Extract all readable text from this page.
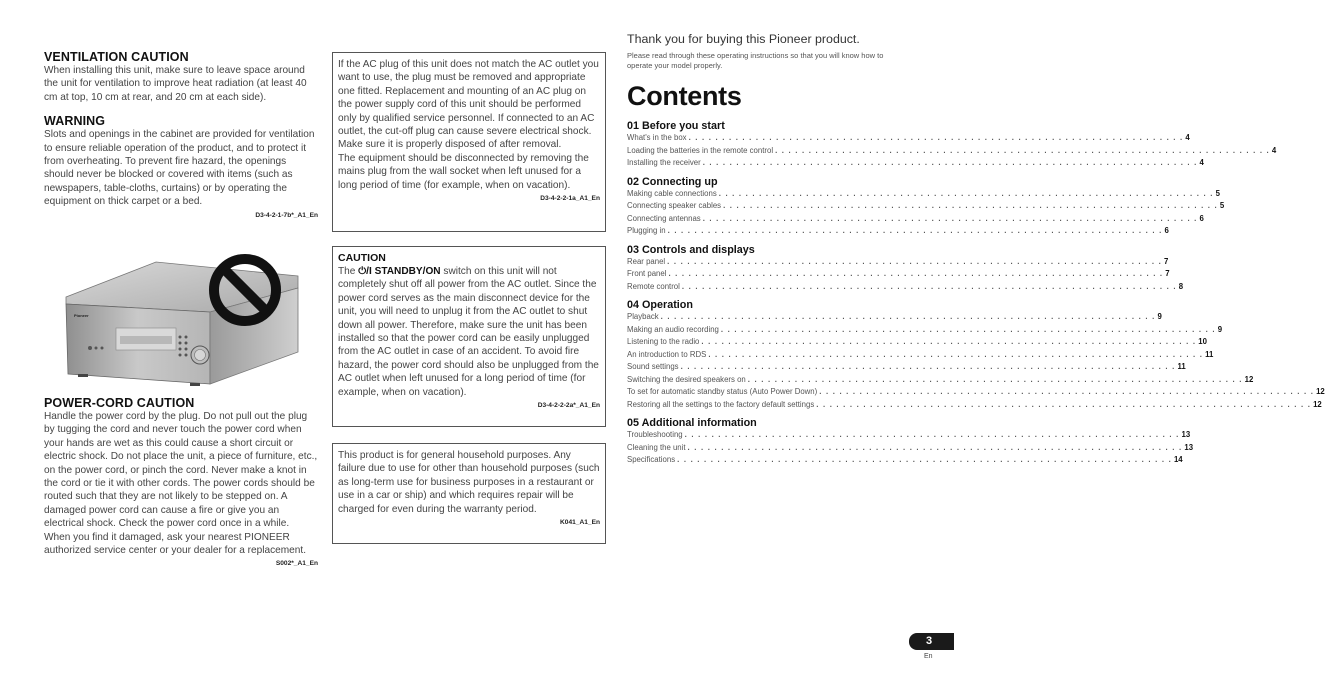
VENTILATION CAUTION
When installing this unit, make sure to leave space around the unit for ventilation to improve heat radiation (at least 40 cm at top, 10 cm at rear, and 20 cm at each side).
WARNING
Slots and openings in the cabinet are provided for ventilation to ensure reliable operation of the product, and to protect it from overheating. To prevent fire hazard, the openings should never be blocked or covered with items (such as newspapers, table-cloths, curtains) or by operating the equipment on thick carpet or a bed.
D3-4-2-1-7b*_A1_En
Pioneer
POWER-CORD CAUTION
Handle the power cord by the plug. Do not pull out the plug by tugging the cord and never touch the power cord when your hands are wet as this could cause a short circuit or electric shock. Do not place the unit, a piece of furniture, etc., on the power cord, or pinch the cord. Never make a knot in the cord or tie it with other cords. The power cords should be routed such that they are not likely to be stepped on. A damaged power cord can cause a fire or give you an electrical shock. Check the power cord once in a while. When you find it damaged, ask your nearest PIONEER authorized service center or your dealer for a replacement.
S002*_A1_En
If the AC plug of this unit does not match the AC outlet you want to use, the plug must be removed and appropriate one fitted. Replacement and mounting of an AC plug on the power supply cord of this unit should be performed only by qualified service personnel. If connected to an AC outlet, the cut-off plug can cause severe electrical shock. Make sure it is properly disposed of after removal.
The equipment should be disconnected by removing the mains plug from the wall socket when left unused for a long period of time (for example, when on vacation).
D3-4-2-2-1a_A1_En
CAUTION
The ⏻/I STANDBY/ON switch on this unit will not completely shut off all power from the AC outlet. Since the power cord serves as the main disconnect device for the unit, you will need to unplug it from the AC outlet to shut down all power. Therefore, make sure the unit has been installed so that the power cord can be easily unplugged from the AC outlet in case of an accident. To avoid fire hazard, the power cord should also be unplugged from the AC outlet when left unused for a long period of time (for example, when on vacation).
D3-4-2-2-2a*_A1_En
This product is for general household purposes. Any failure due to use for other than household purposes (such as long-term use for business purposes in a restaurant or use in a car or ship) and which requires repair will be charged for even during the warranty period.
K041_A1_En
Thank you for buying this Pioneer product.
Please read through these operating instructions so that you will know how to operate your model properly.
Contents
01 Before you start
What's in the box . . . . . . . . . . . . . . . . . . . . . . . . . . . . . . . . . . . . . . . . . . . . . . . . . . . . . . . . . . . . . . . . . . . . . . . . . . 4
Loading the batteries in the remote control . . . . . . . . . . . . . . . . . . . . . . . . . . . . . . . . . . . . . . . . . . . . . . . . . . . . . . . . . . . . . . . . . . . . . . . . . . 4
Installing the receiver . . . . . . . . . . . . . . . . . . . . . . . . . . . . . . . . . . . . . . . . . . . . . . . . . . . . . . . . . . . . . . . . . . . . . . . . . . 4
02 Connecting up
Making cable connections . . . . . . . . . . . . . . . . . . . . . . . . . . . . . . . . . . . . . . . . . . . . . . . . . . . . . . . . . . . . . . . . . . . . . . . . . . 5
Connecting speaker cables . . . . . . . . . . . . . . . . . . . . . . . . . . . . . . . . . . . . . . . . . . . . . . . . . . . . . . . . . . . . . . . . . . . . . . . . . . 5
Connecting antennas . . . . . . . . . . . . . . . . . . . . . . . . . . . . . . . . . . . . . . . . . . . . . . . . . . . . . . . . . . . . . . . . . . . . . . . . . . 6
Plugging in . . . . . . . . . . . . . . . . . . . . . . . . . . . . . . . . . . . . . . . . . . . . . . . . . . . . . . . . . . . . . . . . . . . . . . . . . . 6
03 Controls and displays
Rear panel . . . . . . . . . . . . . . . . . . . . . . . . . . . . . . . . . . . . . . . . . . . . . . . . . . . . . . . . . . . . . . . . . . . . . . . . . . 7
Front panel . . . . . . . . . . . . . . . . . . . . . . . . . . . . . . . . . . . . . . . . . . . . . . . . . . . . . . . . . . . . . . . . . . . . . . . . . . 7
Remote control . . . . . . . . . . . . . . . . . . . . . . . . . . . . . . . . . . . . . . . . . . . . . . . . . . . . . . . . . . . . . . . . . . . . . . . . . . 8
04 Operation
Playback . . . . . . . . . . . . . . . . . . . . . . . . . . . . . . . . . . . . . . . . . . . . . . . . . . . . . . . . . . . . . . . . . . . . . . . . . . 9
Making an audio recording . . . . . . . . . . . . . . . . . . . . . . . . . . . . . . . . . . . . . . . . . . . . . . . . . . . . . . . . . . . . . . . . . . . . . . . . . . 9
Listening to the radio . . . . . . . . . . . . . . . . . . . . . . . . . . . . . . . . . . . . . . . . . . . . . . . . . . . . . . . . . . . . . . . . . . . . . . . . . . 10
An introduction to RDS . . . . . . . . . . . . . . . . . . . . . . . . . . . . . . . . . . . . . . . . . . . . . . . . . . . . . . . . . . . . . . . . . . . . . . . . . . 11
Sound settings . . . . . . . . . . . . . . . . . . . . . . . . . . . . . . . . . . . . . . . . . . . . . . . . . . . . . . . . . . . . . . . . . . . . . . . . . . 11
Switching the desired speakers on . . . . . . . . . . . . . . . . . . . . . . . . . . . . . . . . . . . . . . . . . . . . . . . . . . . . . . . . . . . . . . . . . . . . . . . . . . 12
To set for automatic standby status (Auto Power Down) . . . . . . . . . . . . . . . . . . . . . . . . . . . . . . . . . . . . . . . . . . . . . . . . . . . . . . . . . . . . . . . . . . . . . . . . . . 12
Restoring all the settings to the factory default settings . . . . . . . . . . . . . . . . . . . . . . . . . . . . . . . . . . . . . . . . . . . . . . . . . . . . . . . . . . . . . . . . . . . . . . . . . . 12
05 Additional information
Troubleshooting . . . . . . . . . . . . . . . . . . . . . . . . . . . . . . . . . . . . . . . . . . . . . . . . . . . . . . . . . . . . . . . . . . . . . . . . . . 13
Cleaning the unit . . . . . . . . . . . . . . . . . . . . . . . . . . . . . . . . . . . . . . . . . . . . . . . . . . . . . . . . . . . . . . . . . . . . . . . . . . 13
Specifications . . . . . . . . . . . . . . . . . . . . . . . . . . . . . . . . . . . . . . . . . . . . . . . . . . . . . . . . . . . . . . . . . . . . . . . . . . 14
3
En
